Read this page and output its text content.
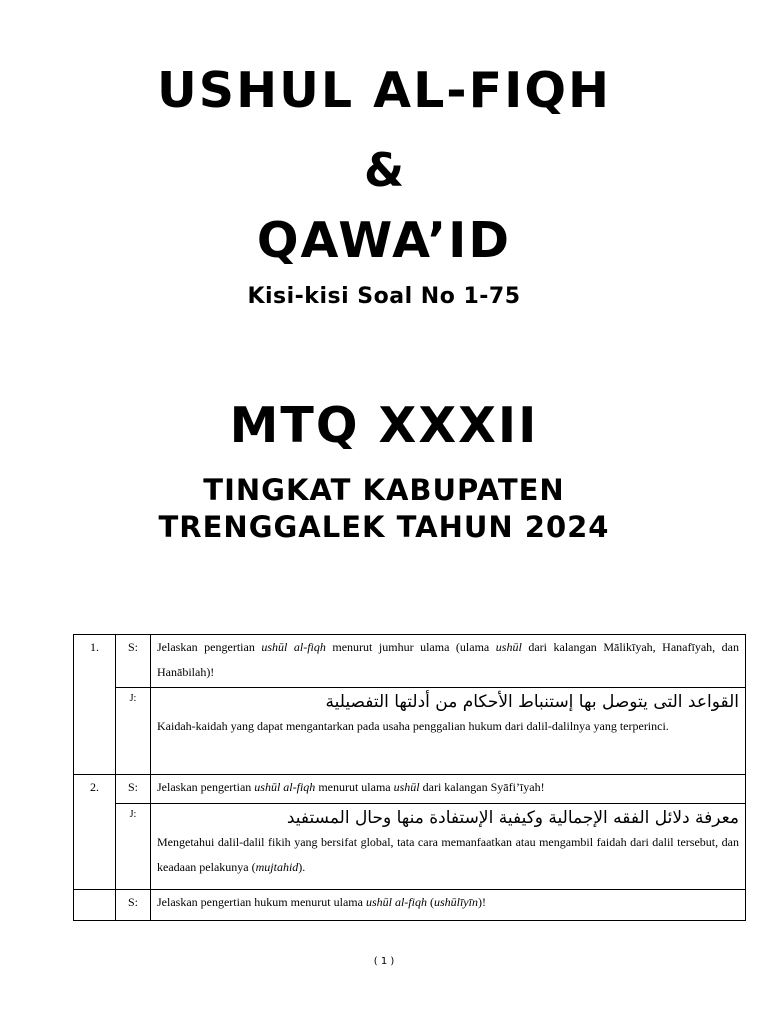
USHUL AL-FIQH
&
QAWA’ID
Kisi-kisi Soal No 1-75
MTQ XXXII
TINGKAT KABUPATEN
TRENGGALEK TAHUN 2024
1.	S:	Jelaskan pengertian ushūl al-fiqh menurut jumhur ulama (ulama ushūl dari kalangan Mālikīyah, Hanafīyah, dan Hanābilah)!

	J:	القواعد التى يتوصل بها إستنباط الأحكام من أدلتها التفصيلية
Kaidah-kaidah yang dapat mengantarkan pada usaha penggalian hukum dari dalil-dalilnya yang terperinci.

2.	S:	Jelaskan pengertian ushūl al-fiqh menurut ulama ushūl dari kalangan Syāfi’īyah!

	J:	معرفة دلائل الفقه الإجمالية وكيفية الإستفادة منها وحال المستفيد
Mengetahui dalil-dalil fikih yang bersifat global, tata cara memanfaatkan atau mengambil faidah dari dalil tersebut, dan keadaan pelakunya (mujtahid).

	S:	Jelaskan pengertian hukum menurut ulama ushūl al-fiqh (ushūlīyīn)!
( 1 )
